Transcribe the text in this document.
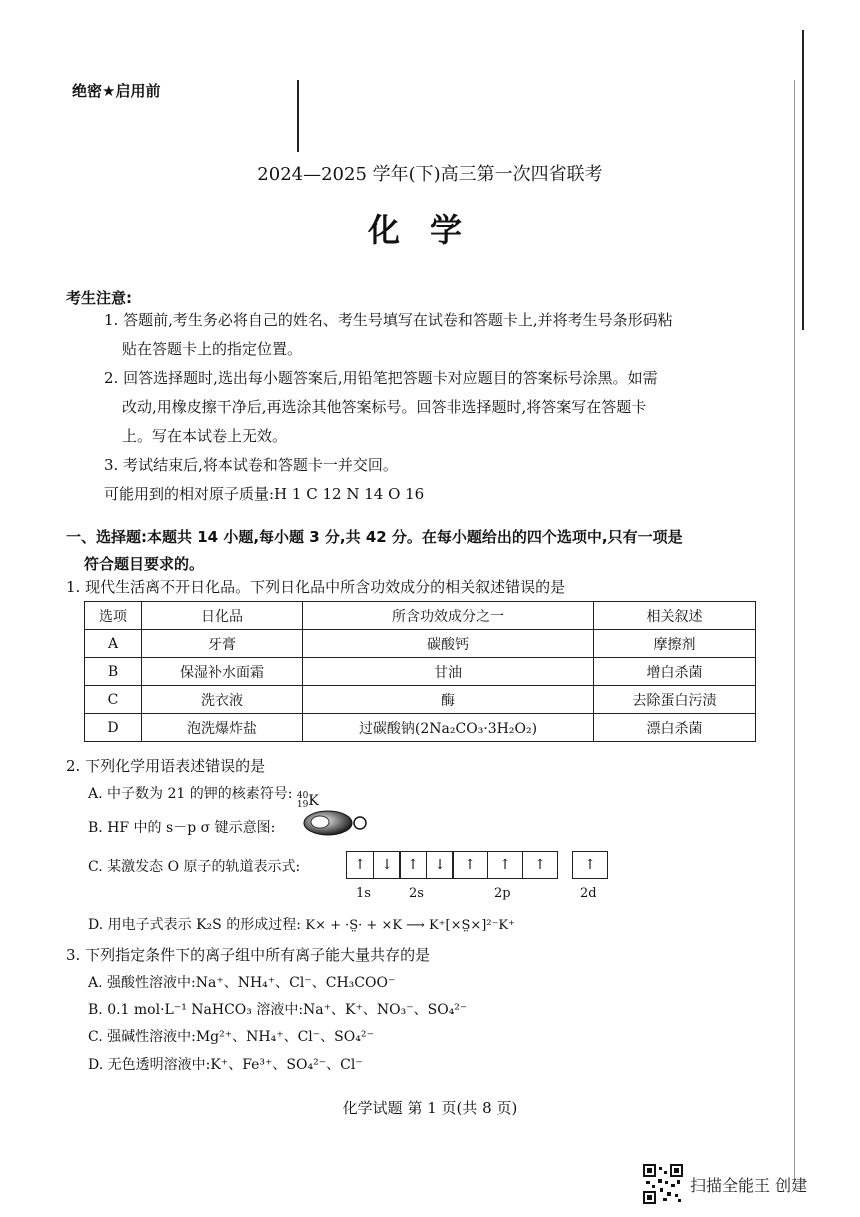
绝密★启用前
2024—2025 学年(下)高三第一次四省联考
化学
考生注意:
1. 答题前,考生务必将自己的姓名、考生号填写在试卷和答题卡上,并将考生号条形码粘
贴在答题卡上的指定位置。
2. 回答选择题时,选出每小题答案后,用铅笔把答题卡对应题目的答案标号涂黑。如需
改动,用橡皮擦干净后,再选涂其他答案标号。回答非选择题时,将答案写在答题卡
上。写在本试卷上无效。
3. 考试结束后,将本试卷和答题卡一并交回。
可能用到的相对原子质量:H 1 C 12 N 14 O 16
一、选择题:本题共 14 小题,每小题 3 分,共 42 分。在每小题给出的四个选项中,只有一项是
符合题目要求的。
1. 现代生活离不开日化品。下列日化品中所含功效成分的相关叙述错误的是
选项	日化品	所含功效成分之一	相关叙述
A	牙膏	碳酸钙	摩擦剂
B	保湿补水面霜	甘油	增白杀菌
C	洗衣液	酶	去除蛋白污渍
D	泡洗爆炸盐	过碳酸钠(2Na₂CO₃·3H₂O₂)	漂白杀菌
2. 下列化学用语表述错误的是
A. 中子数为 21 的钾的核素符号: 40
19 K
B. HF 中的 s－p σ 键示意图:
C. 某激发态 O 原子的轨道表示式:	↑	↓
1s
↑	↓
2s
↑	↑	↑
2p
↑
2d
D. 用电子式表示 K₂S 的形成过程: K× + ·S̤· + ×K ⟶ K⁺[×S̤×]²⁻K⁺
3. 下列指定条件下的离子组中所有离子能大量共存的是
A. 强酸性溶液中:Na⁺、NH₄⁺、Cl⁻、CH₃COO⁻
B. 0.1 mol·L⁻¹ NaHCO₃ 溶液中:Na⁺、K⁺、NO₃⁻、SO₄²⁻
C. 强碱性溶液中:Mg²⁺、NH₄⁺、Cl⁻、SO₄²⁻
D. 无色透明溶液中:K⁺、Fe³⁺、SO₄²⁻、Cl⁻
化学试题 第 1 页(共 8 页)
扫描全能王 创建
